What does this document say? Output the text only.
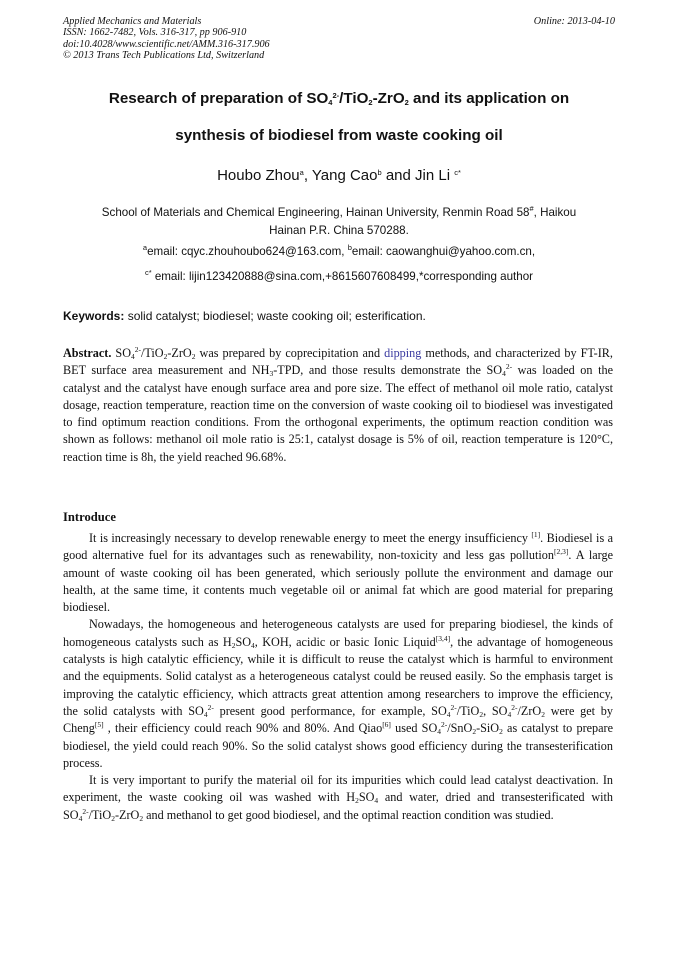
Applied Mechanics and Materials
ISSN: 1662-7482, Vols. 316-317, pp 906-910
doi:10.4028/www.scientific.net/AMM.316-317.906
© 2013 Trans Tech Publications Ltd, Switzerland
Online: 2013-04-10
Research of preparation of $SO_4^{2-}/TiO_2-ZrO_2$ and its application on
synthesis of biodiesel from waste cooking oil
Houbo Zhou$^a$, Yang Cao$^b$ and Jin Li $^{c*}$
School of Materials and Chemical Engineering, Hainan University, Renmin Road 58#, Haikou
Hainan P.R. China 570288.
$^a$email: cqyc.zhouhoubo624@163.com, $^b$email: caowanghui@yahoo.com.cn,
$^{c*}$ email: lijin123420888@sina.com,+8615607608499,*corresponding author
Keywords: solid catalyst; biodiesel; waste cooking oil; esterification.
Abstract. $SO_4^{2-}/TiO_2-ZrO_2$ was prepared by coprecipitation and dipping methods, and characterized by FT-IR, BET surface area measurement and $NH_3$-TPD, and those results demonstrate the $SO_4^{2-}$ was loaded on the catalyst and the catalyst have enough surface area and pore size. The effect of methanol oil mole ratio, catalyst dosage, reaction temperature, reaction time on the conversion of waste cooking oil to biodiesel was investigated to find optimum reaction conditions. From the orthogonal experiments, the optimum reaction condition was shown as follows: methanol oil mole ratio is 25:1, catalyst dosage is 5% of oil, reaction temperature is 120°C, reaction time is 8h, the yield reached 96.68%.
Introduce
It is increasingly necessary to develop renewable energy to meet the energy insufficiency [1]. Biodiesel is a good alternative fuel for its advantages such as renewability, non-toxicity and less gas pollution[2,3]. A large amount of waste cooking oil has been generated, which seriously pollute the environment and damage our health, at the same time, it contents much vegetable oil or animal fat which are good material for preparing biodiesel.
Nowadays, the homogeneous and heterogeneous catalysts are used for preparing biodiesel, the kinds of homogeneous catalysts such as $H_2SO_4$, KOH, acidic or basic Ionic Liquid[3,4], the advantage of homogeneous catalysts is high catalytic efficiency, while it is difficult to reuse the catalyst which is harmful to environment and the equipments. Solid catalyst as a heterogeneous catalyst could be reused easily. So the emphasis target is improving the catalytic efficiency, which attracts great attention among researchers to improve the efficiency, the solid catalysts with $SO_4^{2-}$ present good performance, for example, $SO_4^{2-}/TiO_2$, $SO_4^{2-}/ZrO_2$ were get by Cheng[5] , their efficiency could reach 90% and 80%. And Qiao[6] used $SO_4^{2-}/SnO_2-SiO_2$ as catalyst to prepare biodiesel, the yield could reach 90%. So the solid catalyst shows good efficiency during the transesterification process.
It is very important to purify the material oil for its impurities which could lead catalyst deactivation. In experiment, the waste cooking oil was washed with $H_2SO_4$ and water, dried and transesterificated with $SO_4^{2-}/TiO_2-ZrO_2$ and methanol to get good biodiesel, and the optimal reaction condition was studied.
